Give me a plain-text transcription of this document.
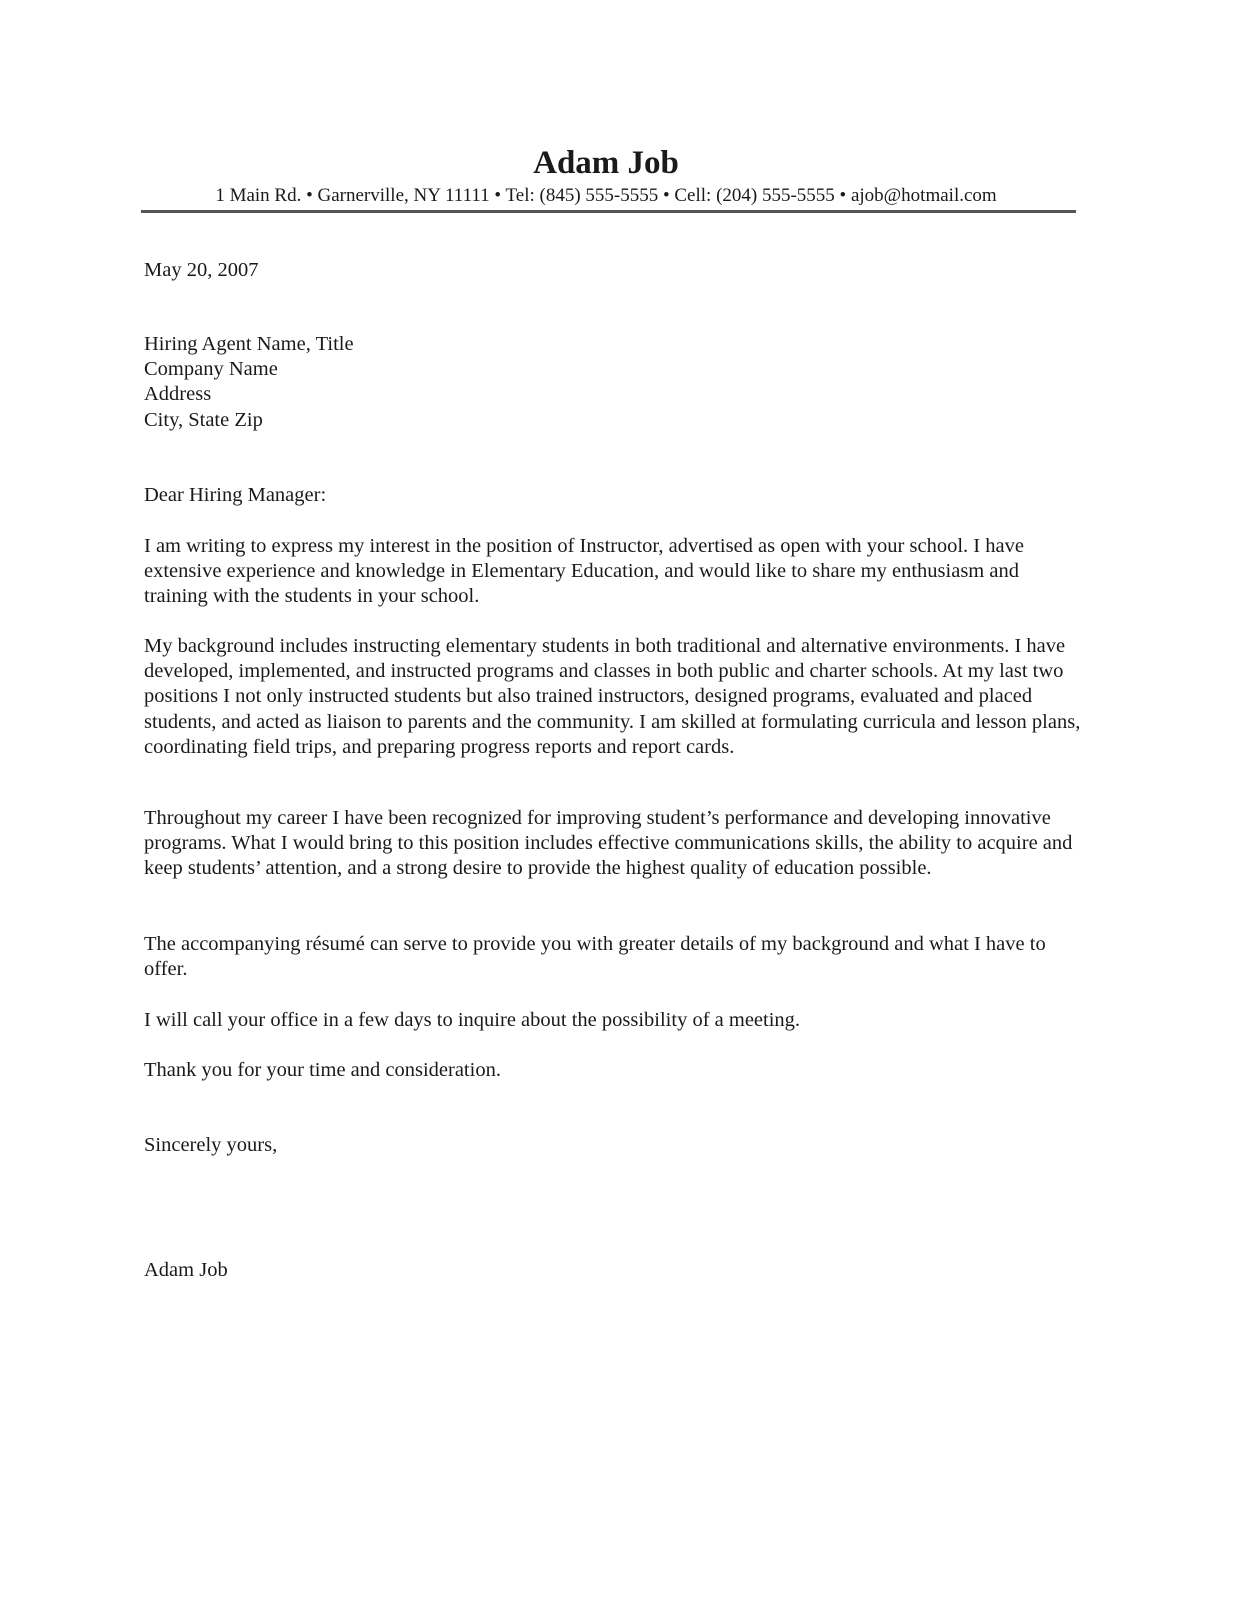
Adam Job
1 Main Rd. • Garnerville, NY 11111 • Tel: (845) 555-5555 • Cell: (204) 555-5555 • ajob@hotmail.com
May 20, 2007
Hiring Agent Name, Title
Company Name
Address
City, State Zip
Dear Hiring Manager:

I am writing to express my interest in the position of Instructor, advertised as open with your school. I have extensive experience and knowledge in Elementary Education, and would like to share my enthusiasm and training with the students in your school.

My background includes instructing elementary students in both traditional and alternative environments. I have developed, implemented, and instructed programs and classes in both public and charter schools. At my last two positions I not only instructed students but also trained instructors, designed programs, evaluated and placed students, and acted as liaison to parents and the community. I am skilled at formulating curricula and lesson plans, coordinating field trips, and preparing progress reports and report cards.

Throughout my career I have been recognized for improving student’s performance and developing innovative programs. What I would bring to this position includes effective communications skills, the ability to acquire and keep students’ attention, and a strong desire to provide the highest quality of education possible.

The accompanying résumé can serve to provide you with greater details of my background and what I have to offer.

I will call your office in a few days to inquire about the possibility of a meeting.

Thank you for your time and consideration.

Sincerely yours,
Adam Job
